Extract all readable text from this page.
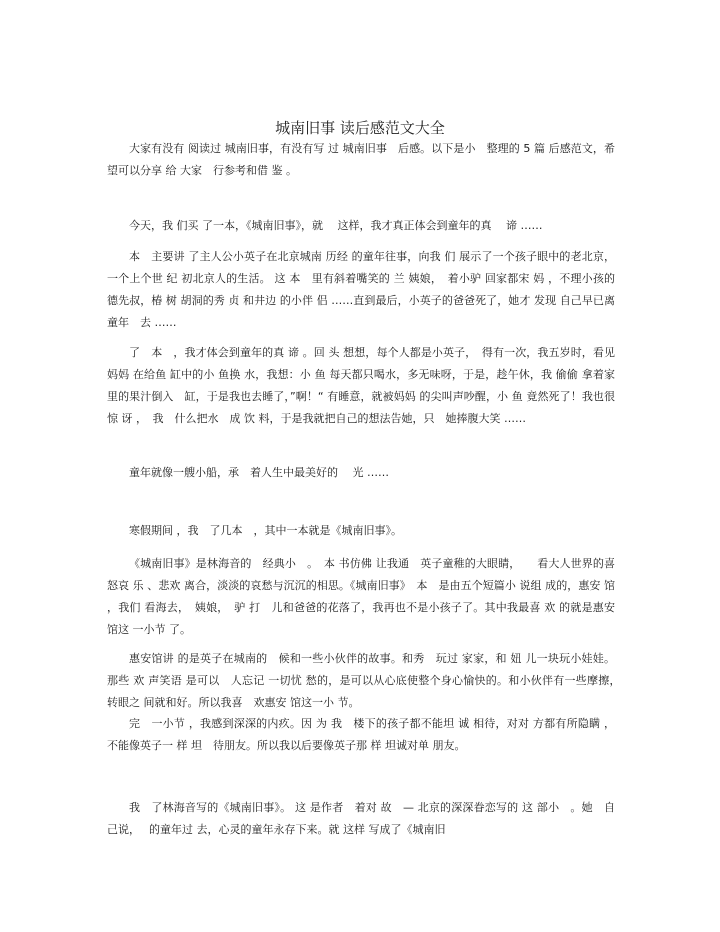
城南旧事 读后感范文大全

大家有没有 阅读过 城南旧事，有没有写 过 城南旧事　后感。以下是小　整理的 5 篇 后感范文，希望可以分享 给 大家　行参考和借 鉴 。

今天，我 们买 了一本，《城南旧事》，就　 这样，我才真正体会到童年的真　 谛 ……

本　主要讲 了主人公小英子在北京城南 历经 的童年往事，向我 们 展示了一个孩子眼中的老北京，一个上个世 纪 初北京人的生活。 这 本　里有斜着嘴笑的 兰 姨娘，　着小驴 回家都宋 妈 ，不理小孩的德先叔，椿 树 胡洞的秀 贞 和井边 的小伴 侣 ……直到最后，小英子的爸爸死了，她才 发现 自己早已离童年　去 ……

了　本　，我才体会到童年的真 谛 。回 头 想想，每个人都是小英子，　得有一次，我五岁时，看见妈妈 在给鱼 缸中的小 鱼换 水，我想：小 鱼 每天都只喝水，多无味呀，于是，趁午休，我 偷偷 拿着家里的果汁倒入　缸，于是我也去睡了，”啊！“ 有睡意，就被妈妈 的尖叫声吵醒，小 鱼 竟然死了！我也很惊 讶 ，　我　什么把水　成 饮 料，于是我就把自己的想法告她，只　她捧腹大笑 ……

童年就像一艘小船，承　着人生中最美好的　 光 ……

寒假期间 ，我　了几本　，其中一本就是《城南旧事》。

《城南旧事》是林海音的　经典小　。　本 书仿佛 让我通　英子童稚的大眼睛，　　看大人世界的喜怒哀 乐 、悲欢 离合，淡淡的哀愁与沉沉的相思。《城南旧事》　本　是由五个短篇小 说组 成的，惠安 馆 ，我们 看海去，　姨娘，　驴 打　儿和爸爸的花落了，我再也不是小孩子了。其中我最喜 欢 的就是惠安 馆这 一小节 了。

惠安馆讲 的是英子在城南的　候和一些小伙伴的故事。和秀　玩过 家家，和 妞 儿一块玩小娃娃。那些 欢 声笑语 是可以　人忘记 一切忧 愁的，是可以从心底使整个身心愉快的。和小伙伴有一些摩擦，　转眼之 间就和好。所以我喜　欢惠安 馆这一小 节。

完　一小节 ，我感到深深的内疚。因 为 我　楼下的孩子都不能坦 诚 相待，对对 方都有所隐瞒 ，不能像英子一 样 坦　待朋友。所以我以后要像英子那 样 坦诚对单 朋友。

我　了林海音写的《城南旧事》。 这 是作者　着对 故　— 北京的深深眷恋写的 这 部小　。她　自己说，　 的童年过 去，心灵的童年永存下来。就 这样 写成了《城南旧
